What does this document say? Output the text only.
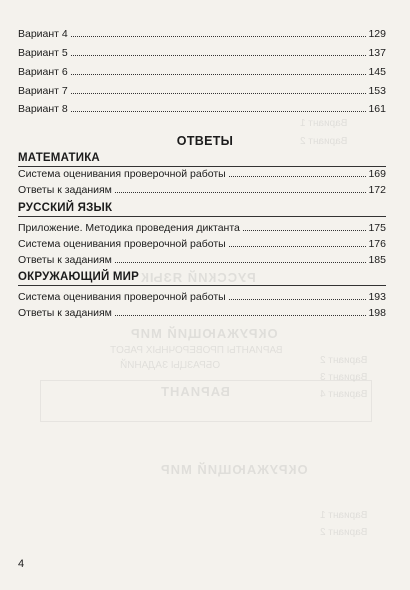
РУССКИЙ ЯЗЫК
ОКРУЖАЮЩИЙ МИР
ВАРИАНТЫ ПРОВЕРОЧНЫХ РАБОТ
ОБРАЗЦЫ ЗАДАНИЙ
ВАРИАНТ
ОКРУЖАЮЩИЙ МИР
Вариант 1
Вариант 2
Вариант 2
Вариант 3
Вариант 4
Вариант 1
Вариант 2
Вариант 4	129
Вариант 5	137
Вариант 6	145
Вариант 7	153
Вариант 8	161
ОТВЕТЫ
МАТЕМАТИКА
Система оценивания проверочной работы	169
Ответы к заданиям	172
РУССКИЙ ЯЗЫК
Приложение. Методика проведения диктанта	175
Система оценивания проверочной работы	176
Ответы к заданиям	185
ОКРУЖАЮЩИЙ МИР
Система оценивания проверочной работы	193
Ответы к заданиям	198
4
